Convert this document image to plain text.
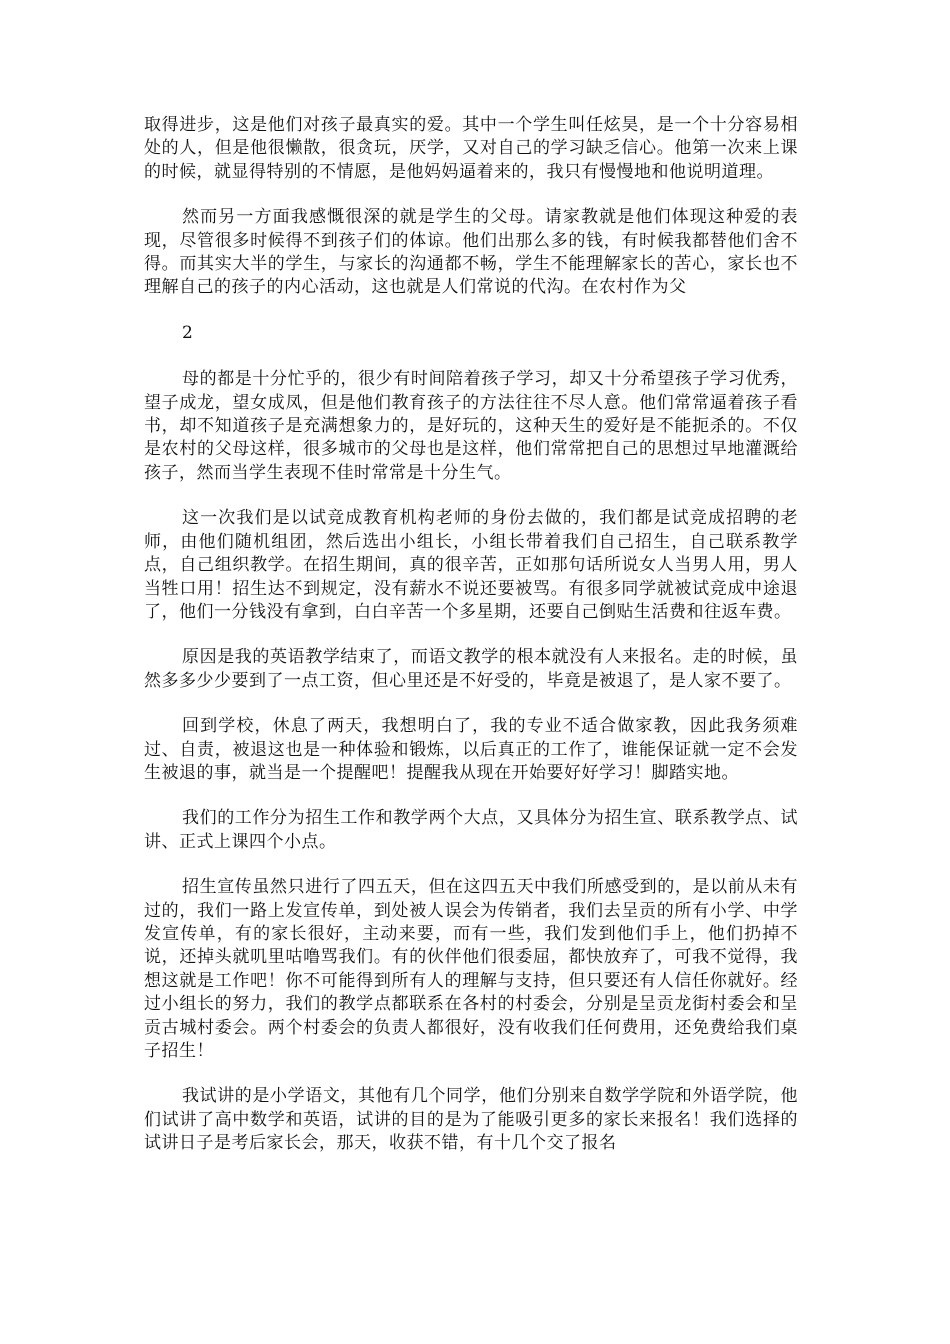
取得进步，这是他们对孩子最真实的爱。其中一个学生叫任炫昊，是一个十分容易相处的人，但是他很懒散，很贪玩，厌学，又对自己的学习缺乏信心。他第一次来上课的时候，就显得特别的不情愿，是他妈妈逼着来的，我只有慢慢地和他说明道理。

然而另一方面我感慨很深的就是学生的父母。请家教就是他们体现这种爱的表现，尽管很多时候得不到孩子们的体谅。他们出那么多的钱，有时候我都替他们舍不得。而其实大半的学生，与家长的沟通都不畅，学生不能理解家长的苦心，家长也不理解自己的孩子的内心活动，这也就是人们常说的代沟。在农村作为父

2

母的都是十分忙乎的，很少有时间陪着孩子学习，却又十分希望孩子学习优秀，望子成龙，望女成凤，但是他们教育孩子的方法往往不尽人意。他们常常逼着孩子看书，却不知道孩子是充满想象力的，是好玩的，这种天生的爱好是不能扼杀的。不仅是农村的父母这样，很多城市的父母也是这样，他们常常把自己的思想过早地灌溉给孩子，然而当学生表现不佳时常常是十分生气。

这一次我们是以试竞成教育机构老师的身份去做的，我们都是试竞成招聘的老师，由他们随机组团，然后选出小组长，小组长带着我们自己招生，自己联系教学点，自己组织教学。在招生期间，真的很辛苦，正如那句话所说女人当男人用，男人当牲口用！招生达不到规定，没有薪水不说还要被骂。有很多同学就被试竞成中途退了，他们一分钱没有拿到，白白辛苦一个多星期，还要自己倒贴生活费和往返车费。

原因是我的英语教学结束了，而语文教学的根本就没有人来报名。走的时候，虽然多多少少要到了一点工资，但心里还是不好受的，毕竟是被退了，是人家不要了。

回到学校，休息了两天，我想明白了，我的专业不适合做家教，因此我务须难过、自责，被退这也是一种体验和锻炼，以后真正的工作了，谁能保证就一定不会发生被退的事，就当是一个提醒吧！提醒我从现在开始要好好学习！脚踏实地。

我们的工作分为招生工作和教学两个大点，又具体分为招生宣、联系教学点、试讲、正式上课四个小点。

招生宣传虽然只进行了四五天，但在这四五天中我们所感受到的，是以前从未有过的，我们一路上发宣传单，到处被人误会为传销者，我们去呈贡的所有小学、中学发宣传单，有的家长很好，主动来要，而有一些，我们发到他们手上，他们扔掉不说，还掉头就叽里咕噜骂我们。有的伙伴他们很委屈，都快放弃了，可我不觉得，我想这就是工作吧！你不可能得到所有人的理解与支持，但只要还有人信任你就好。经过小组长的努力，我们的教学点都联系在各村的村委会，分别是呈贡龙街村委会和呈贡古城村委会。两个村委会的负责人都很好，没有收我们任何费用，还免费给我们桌子招生！

我试讲的是小学语文，其他有几个同学，他们分别来自数学学院和外语学院，他们试讲了高中数学和英语，试讲的目的是为了能吸引更多的家长来报名！我们选择的试讲日子是考后家长会，那天，收获不错，有十几个交了报名
